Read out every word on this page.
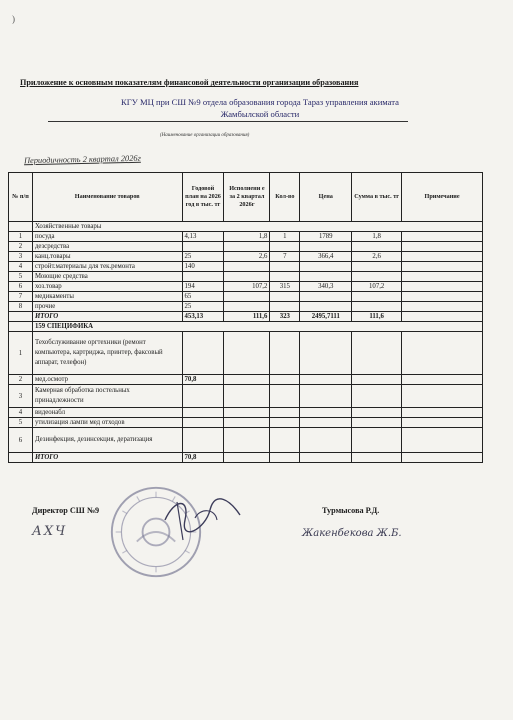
)
Приложение к основным показателям финансовой деятельности организации образования
КГУ МЦ при СШ №9 отдела образования города Тараз управления акимата
Жамбылской области
(Наименование организации образования)
Периодичность 2 квартал 2026г
№ п/п	Наименование товаров	Годовой план на 2026 год в тыс. тг	Исполнени е за 2 квартал 2026г	Кол-во	Цена	Сумма в тыс. тг	Примечание
	Хозяйственные товары						
1	посуда	4,13	1,8	1	1789	1,8	
2	дезсредства						
3	канц.товары	25	2,6	7	366,4	2,6	
4	стройт.материалы для тек.ремонта	140					
5	Моющие средства						
6	хоз.товар	194	107,2	315	340,3	107,2	
7	медикаменты	65					
8	прочие	25					
	ИТОГО	453,13	111,6	323	2495,7111	111,6	
	159 СПЕЦИФИКА						
1	Техобслуживание оргтехники (ремонт компьютера, картриджа, принтер, факсовый аппарат, телефон)						
2	мед.осмотр	70,8					
3	Камерная обработка постельных принадлежности						
4	видеонабл						
5	утилизация лампи мед отходов						
6	Дезинфекция, дезинсекция, дератизация						
	ИТОГО	70,8					
Директор СШ №9	Турмысова Р.Д.
АХЧ	Жакенбекова Ж.Б.
